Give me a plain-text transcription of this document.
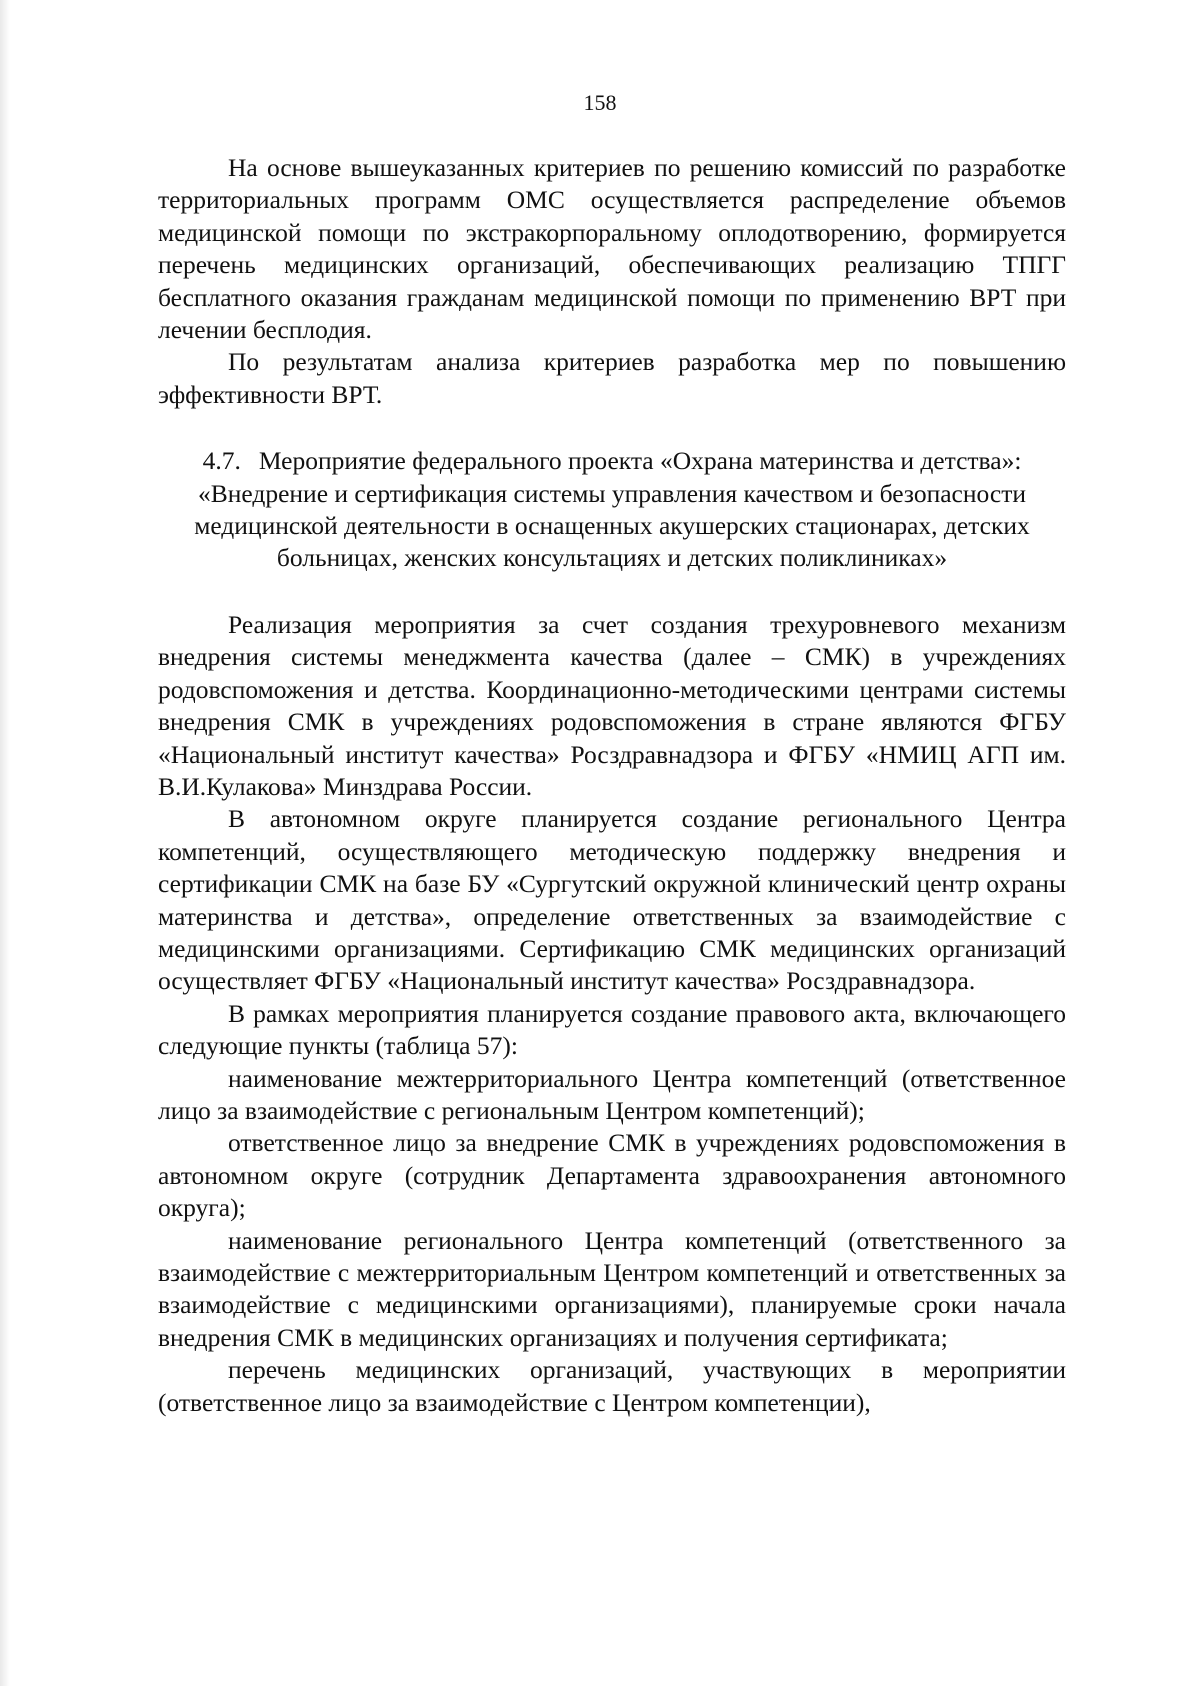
158

На основе вышеуказанных критериев по решению комиссий по разработке территориальных программ ОМС осуществляется распределение объемов медицинской помощи по экстракорпоральному оплодотворению, формируется перечень медицинских организаций, обеспечивающих реализацию ТПГГ бесплатного оказания гражданам медицинской помощи по применению ВРТ при лечении бесплодия.

По результатам анализа критериев разработка мер по повышению эффективности ВРТ.

4.7. Мероприятие федерального проекта «Охрана материнства и детства»: «Внедрение и сертификация системы управления качеством и безопасности медицинской деятельности в оснащенных акушерских стационарах, детских больницах, женских консультациях и детских поликлиниках»

Реализация мероприятия за счет создания трехуровневого механизм внедрения системы менеджмента качества (далее – СМК) в учреждениях родовспоможения и детства. Координационно-методическими центрами системы внедрения СМК в учреждениях родовспоможения в стране являются ФГБУ «Национальный институт качества» Росздравнадзора и ФГБУ «НМИЦ АГП им. В.И.Кулакова» Минздрава России.

В автономном округе планируется создание регионального Центра компетенций, осуществляющего методическую поддержку внедрения и сертификации СМК на базе БУ «Сургутский окружной клинический центр охраны материнства и детства», определение ответственных за взаимодействие с медицинскими организациями. Сертификацию СМК медицинских организаций осуществляет ФГБУ «Национальный институт качества» Росздравнадзора.

В рамках мероприятия планируется создание правового акта, включающего следующие пункты (таблица 57):

наименование межтерриториального Центра компетенций (ответственное лицо за взаимодействие с региональным Центром компетенций);

ответственное лицо за внедрение СМК в учреждениях родовспоможения в автономном округе (сотрудник Департамента здравоохранения автономного округа);

наименование регионального Центра компетенций (ответственного за взаимодействие с межтерриториальным Центром компетенций и ответственных за взаимодействие с медицинскими организациями), планируемые сроки начала внедрения СМК в медицинских организациях и получения сертификата;

перечень медицинских организаций, участвующих в мероприятии (ответственное лицо за взаимодействие с Центром компетенции),
